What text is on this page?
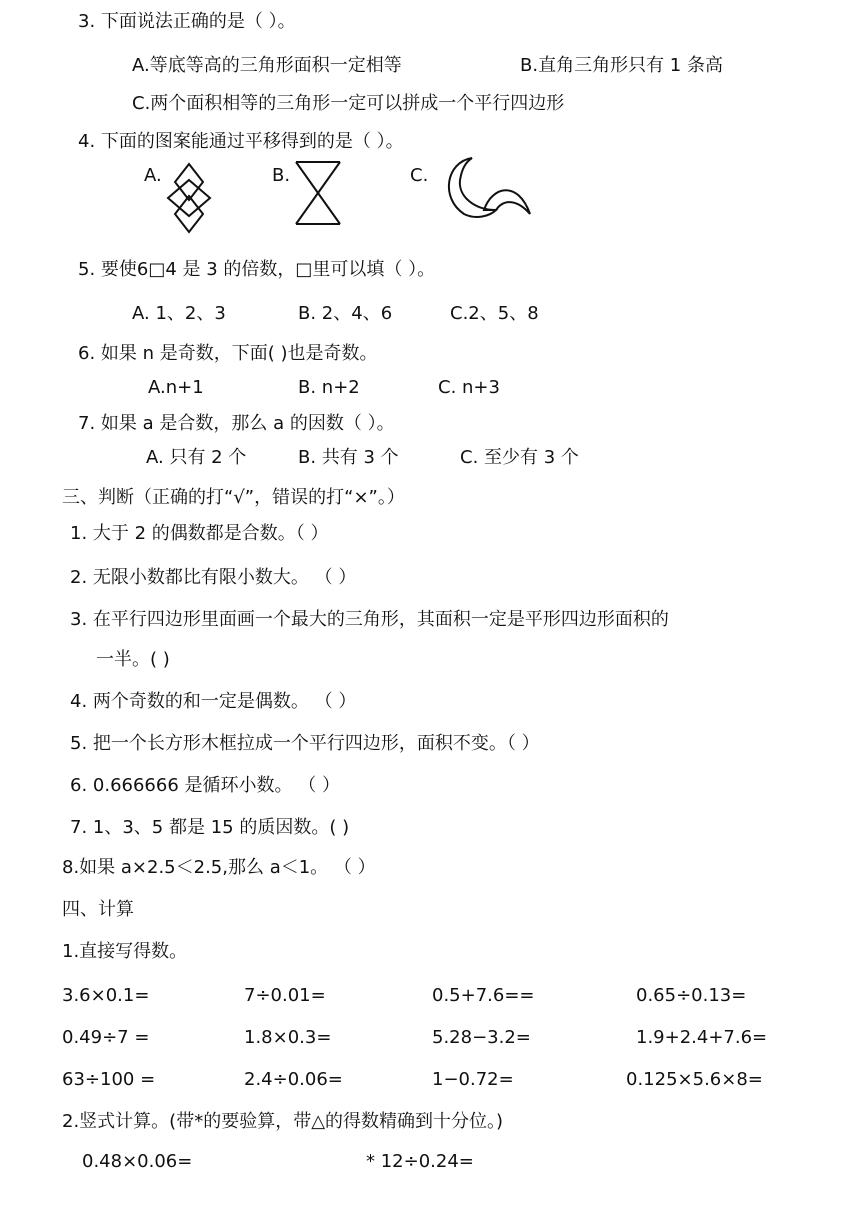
3. 下面说法正确的是（ ）。
A.等底等高的三角形面积一定相等	B.直角三角形只有 1 条高
C.两个面积相等的三角形一定可以拼成一个平行四边形
4. 下面的图案能通过平移得到的是（ ）。
A.	B.	C.
5. 要使6□4 是 3 的倍数，□里可以填（ ）。
A. 1、2、3	B. 2、4、6	C.2、5、8
6. 如果 n 是奇数，下面( )也是奇数。
A.n+1	B. n+2	C. n+3
7. 如果 a 是合数，那么 a 的因数（ ）。
A. 只有 2 个	B. 共有 3 个	C. 至少有 3 个
三、判断（正确的打“√”，错误的打“×”。）
1. 大于 2 的偶数都是合数。（ ）
2. 无限小数都比有限小数大。 （ ）
3. 在平行四边形里面画一个最大的三角形，其面积一定是平形四边形面积的
一半。( )
4. 两个奇数的和一定是偶数。 （ ）
5. 把一个长方形木框拉成一个平行四边形，面积不变。（ ）
6. 0.666666 是循环小数。 （ ）
7. 1、3、5 都是 15 的质因数。( )
8.如果 a×2.5＜2.5,那么 a＜1。 （ ）
四、计算
1.直接写得数。
3.6×0.1=	7÷0.01=	0.5+7.6==	0.65÷0.13=
0.49÷7 =	1.8×0.3=	5.28−3.2=	1.9+2.4+7.6=
63÷100 =	2.4÷0.06=	1−0.72=	0.125×5.6×8=
2.竖式计算。(带*的要验算，带△的得数精确到十分位。)
0.48×0.06=	* 12÷0.24=
